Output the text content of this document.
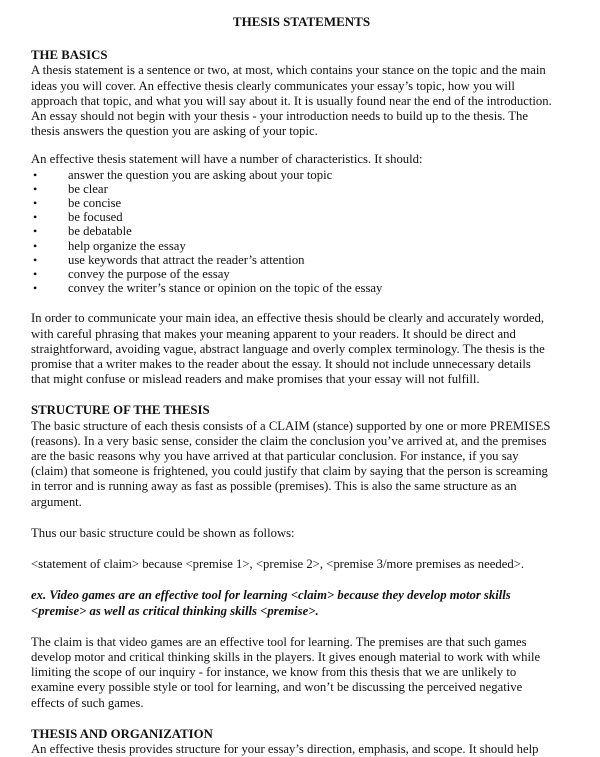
THESIS STATEMENTS
THE BASICS

A thesis statement is a sentence or two, at most, which contains your stance on the topic and the main
ideas you will cover. An effective thesis clearly communicates your essay’s topic, how you will
approach that topic, and what you will say about it. It is usually found near the end of the introduction.
An essay should not begin with your thesis - your introduction needs to build up to the thesis. The
thesis answers the question you are asking of your topic.

An effective thesis statement will have a number of characteristics. It should:

• answer the question you are asking about your topic
• be clear
• be concise
• be focused
• be debatable
• help organize the essay
• use keywords that attract the reader’s attention
• convey the purpose of the essay
• convey the writer’s stance or opinion on the topic of the essay

In order to communicate your main idea, an effective thesis should be clearly and accurately worded,
with careful phrasing that makes your meaning apparent to your readers. It should be direct and
straightforward, avoiding vague, abstract language and overly complex terminology. The thesis is the
promise that a writer makes to the reader about the essay. It should not include unnecessary details
that might confuse or mislead readers and make promises that your essay will not fulfill.

STRUCTURE OF THE THESIS

The basic structure of each thesis consists of a CLAIM (stance) supported by one or more PREMISES
(reasons). In a very basic sense, consider the claim the conclusion you’ve arrived at, and the premises
are the basic reasons why you have arrived at that particular conclusion. For instance, if you say
(claim) that someone is frightened, you could justify that claim by saying that the person is screaming
in terror and is running away as fast as possible (premises). This is also the same structure as an
argument.

Thus our basic structure could be shown as follows:

<statement of claim> because <premise 1>, <premise 2>, <premise 3/more premises as needed>.

ex. Video games are an effective tool for learning <claim> because they develop motor skills
<premise> as well as critical thinking skills <premise>.

The claim is that video games are an effective tool for learning. The premises are that such games
develop motor and critical thinking skills in the players. It gives enough material to work with while
limiting the scope of our inquiry - for instance, we know from this thesis that we are unlikely to
examine every possible style or tool for learning, and won’t be discussing the perceived negative
effects of such games.

THESIS AND ORGANIZATION

An effective thesis provides structure for your essay’s direction, emphasis, and scope. It should help
